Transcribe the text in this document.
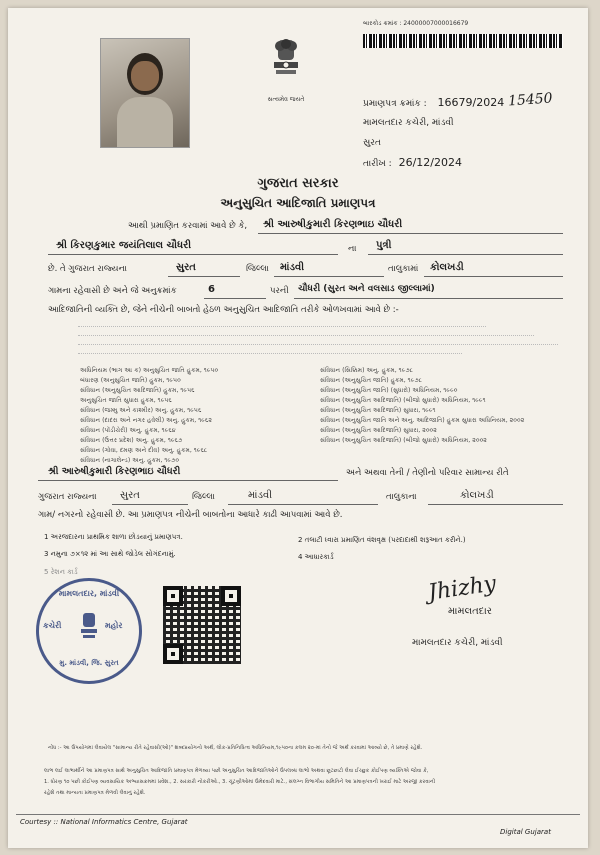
સત્યમેવ જયતે
બારકોડ ક્રમાંક : 24000007000016679
પ્રમાણપત્ર ક્રમાંક : 16679/2024 15450
મામલતદાર કચેરી, માંડવી
સુરત
તારીખ : 26/12/2024
ગુજરાત સરકાર
અનુસુચિત આદિજાતિ પ્રમાણપત્ર
આથી પ્રમાણિત કરવામાં આવે છે કે, શ્રી આરુષીકુમારી કિરણભાઇ ચૌધરી
શ્રી કિરણકુમાર જયંતિલાલ ચૌધરી	ના પુત્રી
છે. તે ગુજરાત રાજ્યના	સુરત	જિલ્લા માંડવી	તાલુકામાં કોલખડી
ગામના રહેવાસી છે અને જે અનુક્રમાંક	6	પરની ચૌધરી (સુરત અને વલસાડ જીલ્લામાં)
આદિજાતિની વ્યક્તિ છે, જેને નીચેની બાબતો હેઠળ અનુસુચિત આદિજાતિ તરીકે ઓળખવામાં આવે છે :-
અધિનિયમ (ભાગ આ ક) અનુસુચિત જાતિ હુકમ, ૧૯૫૦
બંધારણ (અનુસુચિત જાતિ) હુકમ, ૧૯૫૦
સંવિધાન (અનુસુચિત આદિજાતિ) હુકમ, ૧૯૫૬
અનુસુચિત જાતિ સુધારા હુકમ, ૧૯૫૬
સંવિધાન (જમ્મુ અને કાશ્મીર) અનુ. હુકમ, ૧૯૫૬
સંવિધાન (દાદરા અને નગર હવેલી) અનુ. હુકમ, ૧૯૬૨
સંવિધાન (પોંડીચેરી) અનુ. હુકમ, ૧૯૬૪
સંવિધાન (ઉત્તર પ્રદેશ) અનુ. હુકમ, ૧૯૬૭
સંવિધાન (ગોવા, દમણ અને દીવ) અનુ. હુકમ, ૧૯૬૮
સંવિધાન (નાગાલેન્ડ) અનુ. હુકમ, ૧૯૭૦
સંવિધાન (સિક્કિમ) અનુ. હુકમ, ૧૯૭૮
સંવિધાન (અનુસુચિત જાતિ) હુકમ, ૧૯૭૮
સંવિધાન (અનુસુચિત જાતિ) (સુધારો) અધિનિયમ, ૧૯૯૦
સંવિધાન (અનુસુચિત આદિજાતિ) (બીજો સુધારો) અધિનિયમ, ૧૯૯૧
સંવિધાન (અનુસુચિત આદિજાતિ) સુધારા, ૧૯૯૧
સંવિધાન (અનુસુચિત જાતિ અને અનુ. આદિજાતિ) હુકમ સુધારા અધિનિયમ, ૨૦૦૨
સંવિધાન (અનુસુચિત આદિજાતિ) સુધારા, ૨૦૦૨
સંવિધાન (અનુસુચિત આદિજાતિ) (બીજો સુધારો) અધિનિયમ, ૨૦૦૨
શ્રી આરુષીકુમારી કિરણભાઇ ચૌધરી	અને અથવા તેની / તેણીનો પરિવાર સામાન્ય રીતે
ગુજરાત રાજ્યના સુરત	જિલ્લા	માંડવી	તાલુકાના	કોલખડી
ગામ/ નગરનો રહેવાસી છે. આ પ્રમાણપત્ર નીચેની બાબતોના આધારે કાઢી આપવામાં આવે છે.
1 અરજદારના પ્રાથમિક શાળા છોડયાનું પ્રમાણપત્ર.	2 તલાટી ધ્વારા પ્રમાણિત વંશવૃક્ષ (પરદાદાથી શરૂઆત કરીને.)
3 નમુના ૭×૧૨ માં આ સાથે જોડેલ સોગંદનામું.	4 આધારકાર્ડ
5 રેશન કાર્ડ
મામલતદાર, માંડવી
કચેરી	મહોર
મુ. માંડવી, જિ. સુરત
Jhizhy
મામલતદાર
મામલતદાર કચેરી, માંડવી
નોંધ :- આ ઉપયોગમાં લેવાયેલ "સામાન્ય રીતે રહેવાસી(ઓ)" શબ્દપ્રયોગનો અર્થ, લોક-પ્રતિનિધિત્વ અધિનિયમ,૧૯૫૦ના કલમ ૨૦-માં તેનો જે અર્થ કરવામાં આવ્યો છે, તે પ્રમાણે રહેશે.
લાભ લઈ લાભાર્થીને આ પ્રમાણપત્ર સાથે અનુસુચિત આદિજાતિ પ્રમાણપત્ર મેળવ્યા પછી અનુસુચિત આદિજાતિઓને ઉપલબ્ધ લાભો અથવા છૂટછાટો લેવા ઈચ્છુક કોઈપણ વ્યક્તિએ જોવા કે,
1. ધોરણ ૧૦ પછી કોઈપણ વ્યવસાયિક અભ્યાસક્રમમાં પ્રવેશ., 2. સરકારી નોકરીઓ., 3. ચૂંટણીઓમાં ઉમેદવારી માટે., સંલગ્ન વિભાગીય સમિતિને આ પ્રમાણપત્રની ખરાઈ માટે અરજી કરવાની
રહેશે તથા માન્યતા પ્રમાણપત્ર મેળવી લેવાનું રહેશે.
Courtesy :: National Informatics Centre, Gujarat
Digital Gujarat
